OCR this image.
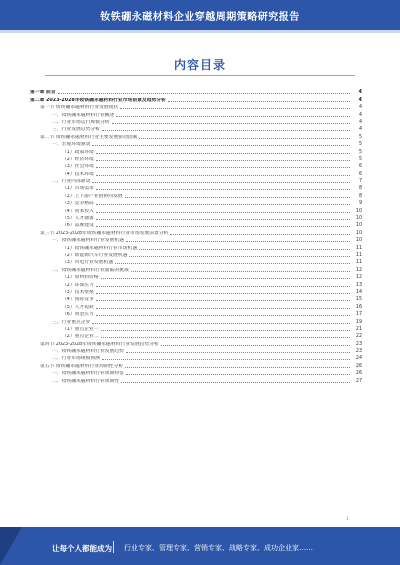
钕铁硼永磁材料企业穿越周期策略研究报告
内容目录
第一章 前言	4
第二章 2023-2028年钕铁硼永磁材料行业市场前景及趋势分析	4
第一节 钕铁硼永磁材料行业发展现状	4
一、钕铁硼永磁材料行业概述	4
二、行业市场运行规模分析	4
三、行业发展趋势分析	4
第二节 钕铁硼永磁材料行业主要发展驱动因素	5
一、宏观环境驱动	5
（1）政策环境	5
（2）经济环境	5
（3）社会环境	6
（4）技术环境	6
二、行业内部驱动	7
（1）市场需求	8
（2）上下游产业链协同发展	8
（3）竞争格局	9
（4）资本投入	10
（5）人才储备	10
（6）品牌建设	10
第三节 2023-2028年钕铁硼永磁材料行业市场发展前景分析	10
一、钕铁硼永磁材料行业发展机遇	10
（1）钕铁硼永磁材料行业市场机遇	11
（2）新能源汽车行业发展机遇	11
（3）风电行业发展机遇	11
二、钕铁硼永磁材料行业面临的挑战	12
（1）原材料价格	12
（2）环保压力	13
（3）技术壁垒	14
（4）国际竞争	15
（5）人才短缺	16
（6）资金压力	17
三、行业重点企业	19
（1）重点企业一	21
（2）重点企业二	22
第四节 2023-2028年钕铁硼永磁材料行业发展趋势分析	23
一、钕铁硼永磁材料行业发展趋势	23
二、行业市场规模预测	24
第五节 钕铁硼永磁材料行业周期性分析	26
一、钕铁硼永磁材料行业周期特征	26
二、钕铁硼永磁材料行业周期性	27
1
让每个人都能成为 行业专家、管理专家、营销专家、战略专家、成功企业家……
